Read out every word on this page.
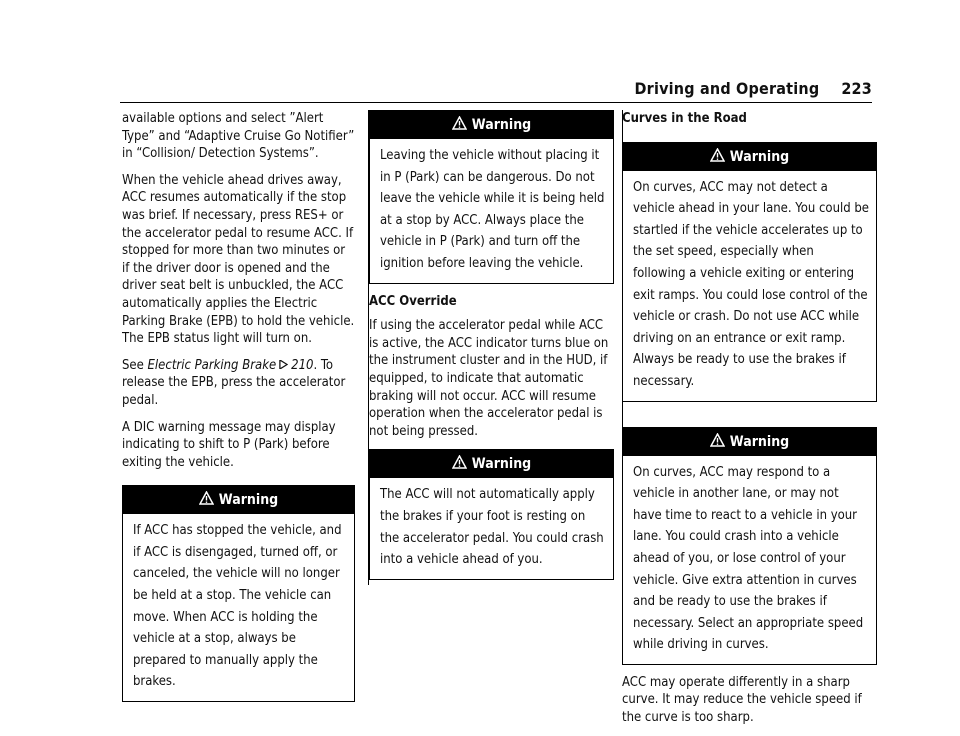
Driving and Operating 223

available options and select ”Alert Type” and “Adaptive Cruise Go Notifier” in “Collision/ Detection Systems”.

When the vehicle ahead drives away, ACC resumes automatically if the stop was brief. If necessary, press RES+ or the accelerator pedal to resume ACC. If stopped for more than two minutes or if the driver door is opened and the driver seat belt is unbuckled, the ACC automatically applies the Electric Parking Brake (EPB) to hold the vehicle. The EPB status light will turn on.

See Electric Parking Brake 210. To release the EPB, press the accelerator pedal.

A DIC warning message may display indicating to shift to P (Park) before exiting the vehicle.

Warning
If ACC has stopped the vehicle, and if ACC is disengaged, turned off, or canceled, the vehicle will no longer be held at a stop. The vehicle can move. When ACC is holding the vehicle at a stop, always be prepared to manually apply the brakes.
Warning
Leaving the vehicle without placing it in P (Park) can be dangerous. Do not leave the vehicle while it is being held at a stop by ACC. Always place the vehicle in P (Park) and turn off the ignition before leaving the vehicle.

ACC Override

If using the accelerator pedal while ACC is active, the ACC indicator turns blue on the instrument cluster and in the HUD, if equipped, to indicate that automatic braking will not occur. ACC will resume operation when the accelerator pedal is not being pressed.

Warning
The ACC will not automatically apply the brakes if your foot is resting on the accelerator pedal. You could crash into a vehicle ahead of you.

Curves in the Road

Warning
On curves, ACC may not detect a vehicle ahead in your lane. You could be startled if the vehicle accelerates up to the set speed, especially when following a vehicle exiting or entering exit ramps. You could lose control of the vehicle or crash. Do not use ACC while driving on an entrance or exit ramp. Always be ready to use the brakes if necessary.
Warning
On curves, ACC may respond to a vehicle in another lane, or may not have time to react to a vehicle in your lane. You could crash into a vehicle ahead of you, or lose control of your vehicle. Give extra attention in curves and be ready to use the brakes if necessary. Select an appropriate speed while driving in curves.

ACC may operate differently in a sharp curve. It may reduce the vehicle speed if the curve is too sharp.
